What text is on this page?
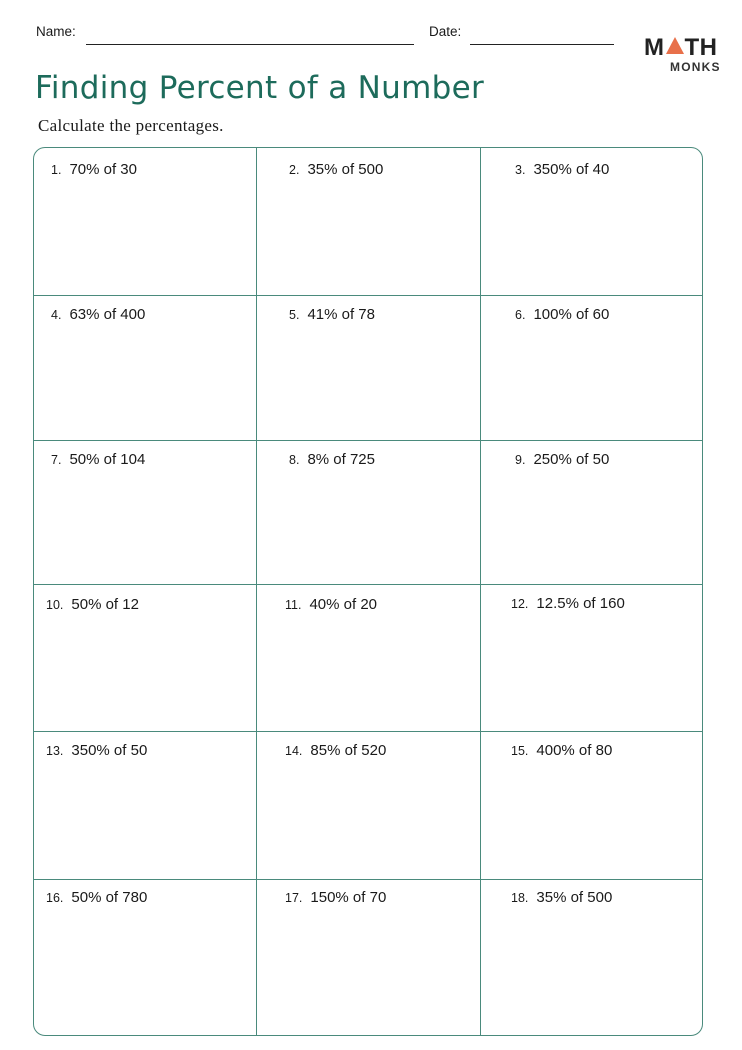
Name:	Date:
M TH
MONKS
Finding Percent of a Number
Calculate the percentages.
1. 70% of 30	2. 35% of 500	3. 350% of 40
4. 63% of 400	5. 41% of 78	6. 100% of 60
7. 50% of 104	8. 8% of 725	9. 250% of 50
10. 50% of 12	11. 40% of 20	12. 12.5% of 160
13. 350% of 50	14. 85% of 520	15. 400% of 80
16. 50% of 780	17. 150% of 70	18. 35% of 500
